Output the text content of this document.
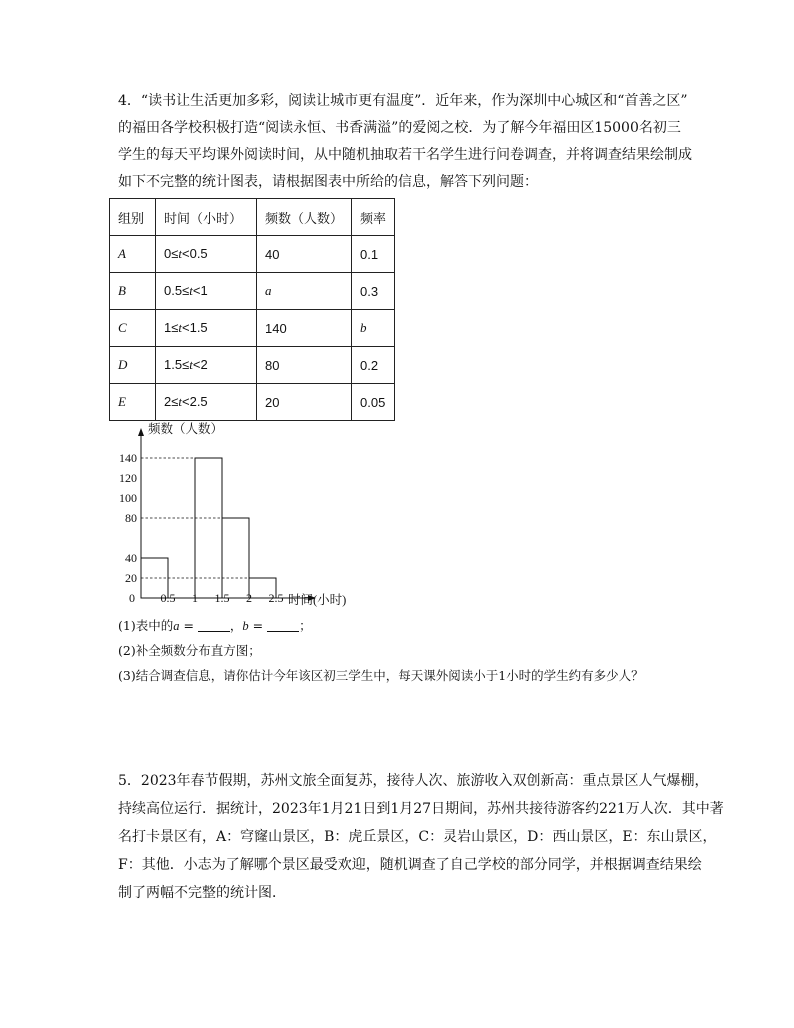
4．“读书让生活更加多彩，阅读让城市更有温度”．近年来，作为深圳中心城区和“首善之区”

的福田各学校积极打造“阅读永恒、书香满溢”的爱阅之校．为了解今年福田区15000名初三

学生的每天平均课外阅读时间，从中随机抽取若干名学生进行问卷调查，并将调查结果绘制成

如下不完整的统计图表，请根据图表中所给的信息，解答下列问题：

组别	时间（小时）	频数（人数）	频率
A	0≤t<0.5	40	0.1
B	0.5≤t<1	a	0.3
C	1≤t<1.5	140	b
D	1.5≤t<2	80	0.2
E	2≤t<2.5	20	0.05
20
40
80
100
120
140
0.5 1 1.5 2 2.5
0
频数（人数）
时间(小时)

(1)表中的a =	，b =	；

(2)补全频数分布直方图；

(3)结合调查信息，请你估计今年该区初三学生中，每天课外阅读小于1小时的学生约有多少人？

5．2023年春节假期，苏州文旅全面复苏，接待人次、旅游收入双创新高：重点景区人气爆棚，

持续高位运行．据统计，2023年1月21日到1月27日期间，苏州共接待游客约221万人次．其中著

名打卡景区有，A：穹窿山景区，B：虎丘景区，C：灵岩山景区，D：西山景区，E：东山景区，

F：其他．小志为了解哪个景区最受欢迎，随机调查了自己学校的部分同学，并根据调查结果绘

制了两幅不完整的统计图．
